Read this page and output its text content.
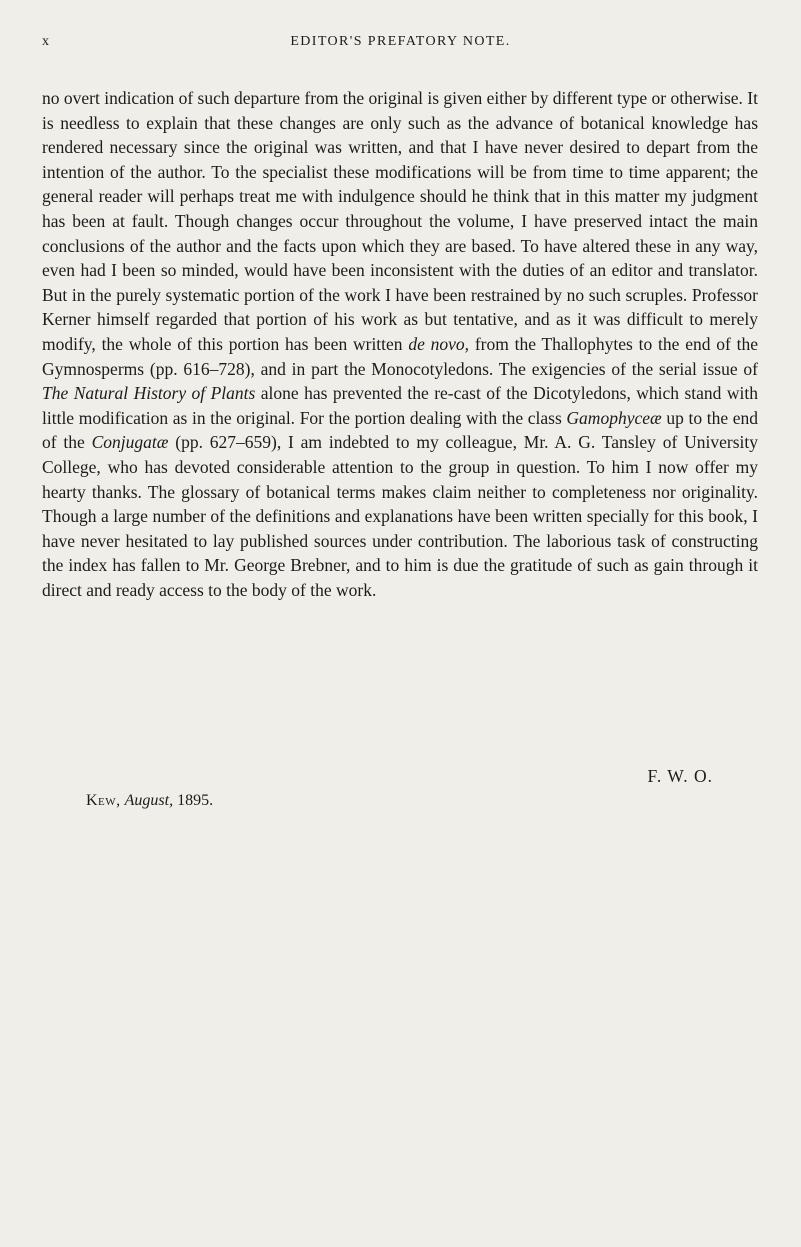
x	EDITOR'S PREFATORY NOTE.

no overt indication of such departure from the original is given either by different type or otherwise. It is needless to explain that these changes are only such as the advance of botanical knowledge has rendered necessary since the original was written, and that I have never desired to depart from the intention of the author. To the specialist these modifications will be from time to time apparent; the general reader will perhaps treat me with indulgence should he think that in this matter my judgment has been at fault. Though changes occur throughout the volume, I have preserved intact the main conclusions of the author and the facts upon which they are based. To have altered these in any way, even had I been so minded, would have been inconsistent with the duties of an editor and translator. But in the purely systematic portion of the work I have been restrained by no such scruples. Professor Kerner himself regarded that portion of his work as but tentative, and as it was difficult to merely modify, the whole of this portion has been written de novo, from the Thallophytes to the end of the Gymnosperms (pp. 616–728), and in part the Monocotyledons. The exigencies of the serial issue of The Natural History of Plants alone has prevented the re-cast of the Dicotyledons, which stand with little modification as in the original. For the portion dealing with the class Gamophyceæ up to the end of the Conjugatæ (pp. 627–659), I am indebted to my colleague, Mr. A. G. Tansley of University College, who has devoted considerable attention to the group in question. To him I now offer my hearty thanks. The glossary of botanical terms makes claim neither to completeness nor originality. Though a large number of the definitions and explanations have been written specially for this book, I have never hesitated to lay published sources under contribution. The laborious task of constructing the index has fallen to Mr. George Brebner, and to him is due the gratitude of such as gain through it direct and ready access to the body of the work.

F. W. O.
Kew, August, 1895.
